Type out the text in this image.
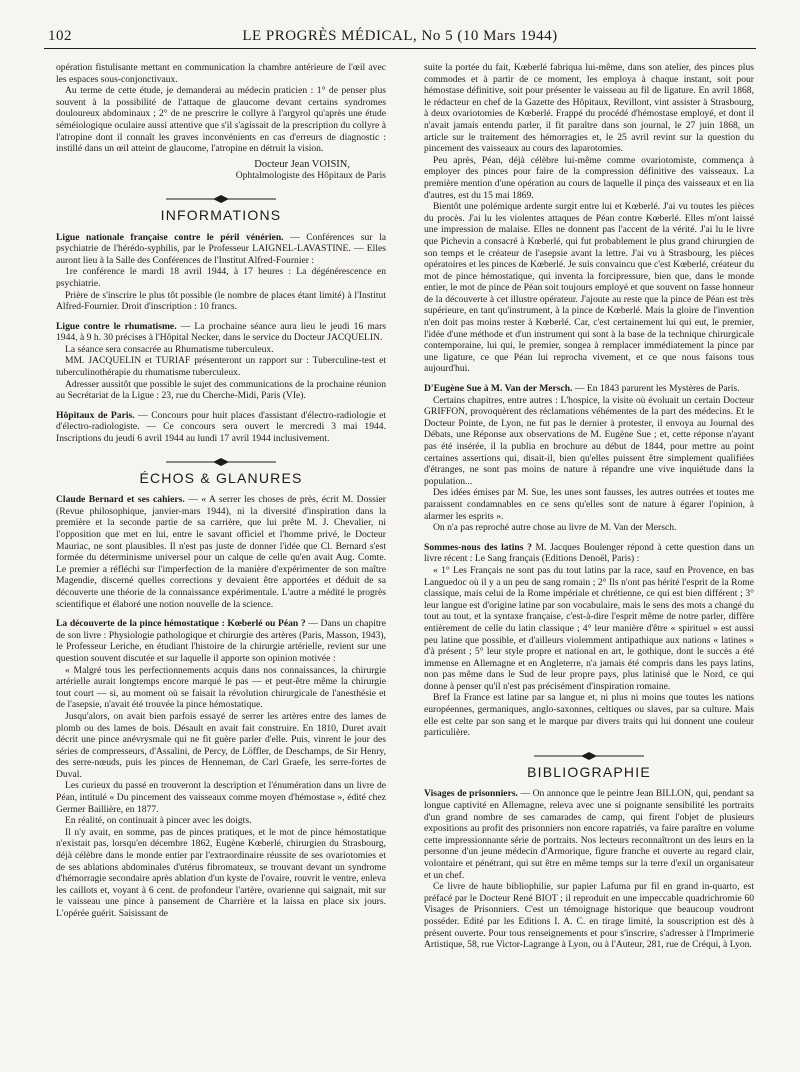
102	LE PROGRÈS MÉDICAL, No 5 (10 Mars 1944)

opération fistulisante mettant en communication la chambre antérieure de l'œil avec les espaces sous-conjonctivaux.

Au terme de cette étude, je demanderai au médecin praticien : 1° de penser plus souvent à la possibilité de l'attaque de glaucome devant certains syndromes douloureux abdominaux ; 2° de ne prescrire le collyre à l'argyrol qu'après une étude séméiologique oculaire aussi attentive que s'il s'agissait de la prescription du collyre à l'atropine dont il connaît les graves inconvénients en cas d'erreurs de diagnostic : instillé dans un œil atteint de glaucome, l'atropine en détruit la vision.

Docteur Jean VOISIN,
Ophtalmologiste des Hôpitaux de Paris
INFORMATIONS

Ligue nationale française contre le péril vénérien. — Conférences sur la psychiatrie de l'hérédo-syphilis, par le Professeur LAIGNEL-LAVASTINE. — Elles auront lieu à la Salle des Conférences de l'Institut Alfred-Fournier :

1re conférence le mardi 18 avril 1944, à 17 heures : La dégénérescence en psychiatrie.

Prière de s'inscrire le plus tôt possible (le nombre de places étant limité) à l'Institut Alfred-Fournier. Droit d'inscription : 10 francs.

Ligue contre le rhumatisme. — La prochaine séance aura lieu le jeudi 16 mars 1944, à 9 h. 30 précises à l'Hôpital Necker, dans le service du Docteur JACQUELIN.

La séance sera consacrée au Rhumatisme tuberculeux.

MM. JACQUELIN et TURIAF présenteront un rapport sur : Tuberculine-test et tuberculinothérapie du rhumatisme tuberculeux.

Adresser aussitôt que possible le sujet des communications de la prochaine réunion au Secrétariat de la Ligue : 23, rue du Cherche-Midi, Paris (VIe).

Hôpitaux de Paris. — Concours pour huit places d'assistant d'électro-radiologie et d'électro-radiologiste. — Ce concours sera ouvert le mercredi 3 mai 1944. Inscriptions du jeudi 6 avril 1944 au lundi 17 avril 1944 inclusivement.

ÉCHOS & GLANURES

Claude Bernard et ses cahiers. — « A serrer les choses de près, écrit M. Dossier (Revue philosophique, janvier-mars 1944), ni la diversité d'inspiration dans la première et la seconde partie de sa carrière, que lui prête M. J. Chevalier, ni l'opposition que met en lui, entre le savant officiel et l'homme privé, le Docteur Mauriac, ne sont plausibles. Il n'est pas juste de donner l'idée que Cl. Bernard s'est formée du déterminisme universel pour un calque de celle qu'en avait Aug. Comte. Le premier a réfléchi sur l'imperfection de la manière d'expérimenter de son maître Magendie, discerné quelles corrections y devaient être apportées et déduit de sa découverte une théorie de la connaissance expérimentale. L'autre a médité le progrès scientifique et élaboré une notion nouvelle de la science.

La découverte de la pince hémostatique : Kœberlé ou Péan ? — Dans un chapitre de son livre : Physiologie pathologique et chirurgie des artères (Paris, Masson, 1943), le Professeur Leriche, en étudiant l'histoire de la chirurgie artérielle, revient sur une question souvent discutée et sur laquelle il apporte son opinion motivée :

« Malgré tous les perfectionnements acquis dans nos connaissances, la chirurgie artérielle aurait longtemps encore marqué le pas — et peut-être même la chirurgie tout court — si, au moment où se faisait la révolution chirurgicale de l'anesthésie et de l'asepsie, n'avait été trouvée la pince hémostatique.

Jusqu'alors, on avait bien parfois essayé de serrer les artères entre des lames de plomb ou des lames de bois. Désault en avait fait construire. En 1810, Duret avait décrit une pince anévrysmale qui ne fit guère parler d'elle. Puis, vinrent le jour des séries de compresseurs, d'Assalini, de Percy, de Löffler, de Deschamps, de Sir Henry, des serre-nœuds, puis les pinces de Henneman, de Carl Graefe, les serre-fortes de Duval.

Les curieux du passé en trouveront la description et l'énumération dans un livre de Péan, intitulé « Du pincement des vaisseaux comme moyen d'hémostase », édité chez Germer Baillière, en 1877.

En réalité, on continuait à pincer avec les doigts.

Il n'y avait, en somme, pas de pinces pratiques, et le mot de pince hémostatique n'existait pas, lorsqu'en décembre 1862, Eugène Kœberlé, chirurgien du Strasbourg, déjà célèbre dans le monde entier par l'extraordinaire réussite de ses ovariotomies et de ses ablations abdominales d'utérus fibromateux, se trouvant devant un syndrome d'hémorragie secondaire après ablation d'un kyste de l'ovaire, rouvrit le ventre, enleva les caillots et, voyant à 6 cent. de profondeur l'artère, ovarienne qui saignait, mit sur le vaisseau une pince à pansement de Charrière et la laissa en place six jours. L'opérée guérit. Saisissant de

suite la portée du fait, Kœberlé fabriqua lui-même, dans son atelier, des pinces plus commodes et à partir de ce moment, les employa à chaque instant, soit pour hémostase définitive, soit pour présenter le vaisseau au fil de ligature. En avril 1868, le rédacteur en chef de la Gazette des Hôpitaux, Revillont, vint assister à Strasbourg, à deux ovariotomies de Kœberlé. Frappé du procédé d'hémostase employé, et dont il n'avait jamais entendu parler, il fit paraître dans son journal, le 27 juin 1868, un article sur le traitement des hémorragies et, le 25 avril revint sur la question du pincement des vaisseaux au cours des laparotomies.

Peu après, Péan, déjà célèbre lui-même comme ovariotomiste, commença à employer des pinces pour faire de la compression définitive des vaisseaux. La première mention d'une opération au cours de laquelle il pinça des vaisseaux et en lia d'autres, est du 15 mai 1869.

Bientôt une polémique ardente surgit entre lui et Kœberlé. J'ai vu toutes les pièces du procès. J'ai lu les violentes attaques de Péan contre Kœberlé. Elles m'ont laissé une impression de malaise. Elles ne donnent pas l'accent de la vérité. J'ai lu le livre que Pichevin a consacré à Kœberlé, qui fut probablement le plus grand chirurgien de son temps et le créateur de l'asepsie avant la lettre. J'ai vu à Strasbourg, les pièces opératoires et les pinces de Kœberlé. Je suis convaincu que c'est Kœberlé, créateur du mot de pince hémostatique, qui inventa la forcipressure, bien que, dans le monde entier, le mot de pince de Péan soit toujours employé et que souvent on fasse honneur de la découverte à cet illustre opérateur. J'ajoute au reste que la pince de Péan est très supérieure, en tant qu'instrument, à la pince de Kœberlé. Mais la gloire de l'invention n'en doit pas moins rester à Kœberlé. Car, c'est certainement lui qui eut, le premier, l'idée d'une méthode et d'un instrument qui sont à la base de la technique chirurgicale contemporaine, lui qui, le premier, songea à remplacer immédiatement la pince par une ligature, ce que Péan lui reprocha vivement, et ce que nous faisons tous aujourd'hui.

D'Eugène Sue à M. Van der Mersch. — En 1843 parurent les Mystères de Paris.

Certains chapitres, entre autres : L'hospice, la visite où évoluait un certain Docteur GRIFFON, provoquèrent des réclamations véhémentes de la part des médecins. Et le Docteur Pointe, de Lyon, ne fut pas le dernier à protester, il envoya au Journal des Débats, une Réponse aux observations de M. Eugène Sue ; et, cette réponse n'ayant pas été insérée, il la publia en brochure au début de 1844, pour mettre au point certaines assertions qui, disait-il, bien qu'elles puissent être simplement qualifiées d'étranges, ne sont pas moins de nature à répandre une vive inquiétude dans la population...

Des idées émises par M. Sue, les unes sont fausses, les autres outrées et toutes me paraissent condamnables en ce sens qu'elles sont de nature à égarer l'opinion, à alarmer les esprits ».

On n'a pas reproché autre chose au livre de M. Van der Mersch.

Sommes-nous des latins ? M. Jacques Boulenger répond à cette question dans un livre récent : Le Sang français (Editions Denoël, Paris) :

« 1° Les Français ne sont pas du tout latins par la race, sauf en Provence, en bas Languedoc où il y a un peu de sang romain ; 2° Ils n'ont pas hérité l'esprit de la Rome classique, mais celui de la Rome impériale et chrétienne, ce qui est bien différent ; 3° leur langue est d'origine latine par son vocabulaire, mais le sens des mots a changé du tout au tout, et la syntaxe française, c'est-à-dire l'esprit même de notre parler, diffère entièrement de celle du latin classique ; 4° leur manière d'être « spirituel » est aussi peu latine que possible, et d'ailleurs violemment antipathique aux nations « latines » d'à présent ; 5° leur style propre et national en art, le gothique, dont le succès a été immense en Allemagne et en Angleterre, n'a jamais été compris dans les pays latins, non pas même dans le Sud de leur propre pays, plus latinisé que le Nord, ce qui donne à penser qu'il n'est pas précisément d'inspiration romaine.

Bref la France est latine par sa langue et, ni plus ni moins que toutes les nations européennes, germaniques, anglo-saxonnes, celtiques ou slaves, par sa culture. Mais elle est celte par son sang et le marque par divers traits qui lui donnent une couleur particulière.

BIBLIOGRAPHIE

Visages de prisonniers. — On annonce que le peintre Jean BILLON, qui, pendant sa longue captivité en Allemagne, releva avec une si poignante sensibilité les portraits d'un grand nombre de ses camarades de camp, qui firent l'objet de plusieurs expositions au profit des prisonniers non encore rapatriés, va faire paraître en volume cette impressionnante série de portraits. Nos lecteurs reconnaîtront un des leurs en la personne d'un jeune médecin d'Armorique, figure franche et ouverte au regard clair, volontaire et pénétrant, qui sut être en même temps sur la terre d'exil un organisateur et un chef.

Ce livre de haute bibliophilie, sur papier Lafuma pur fil en grand in-quarto, est préfacé par le Docteur René BIOT ; il reproduit en une impeccable quadrichromie 60 Visages de Prisonniers. C'est un témoignage historique que beaucoup voudront posséder. Edité par les Editions I. A. C. en tirage limité, la souscription est dès à présent ouverte. Pour tous renseignements et pour s'inscrire, s'adresser à l'Imprimerie Artistique, 58, rue Victor-Lagrange à Lyon, ou à l'Auteur, 281, rue de Créqui, à Lyon.
